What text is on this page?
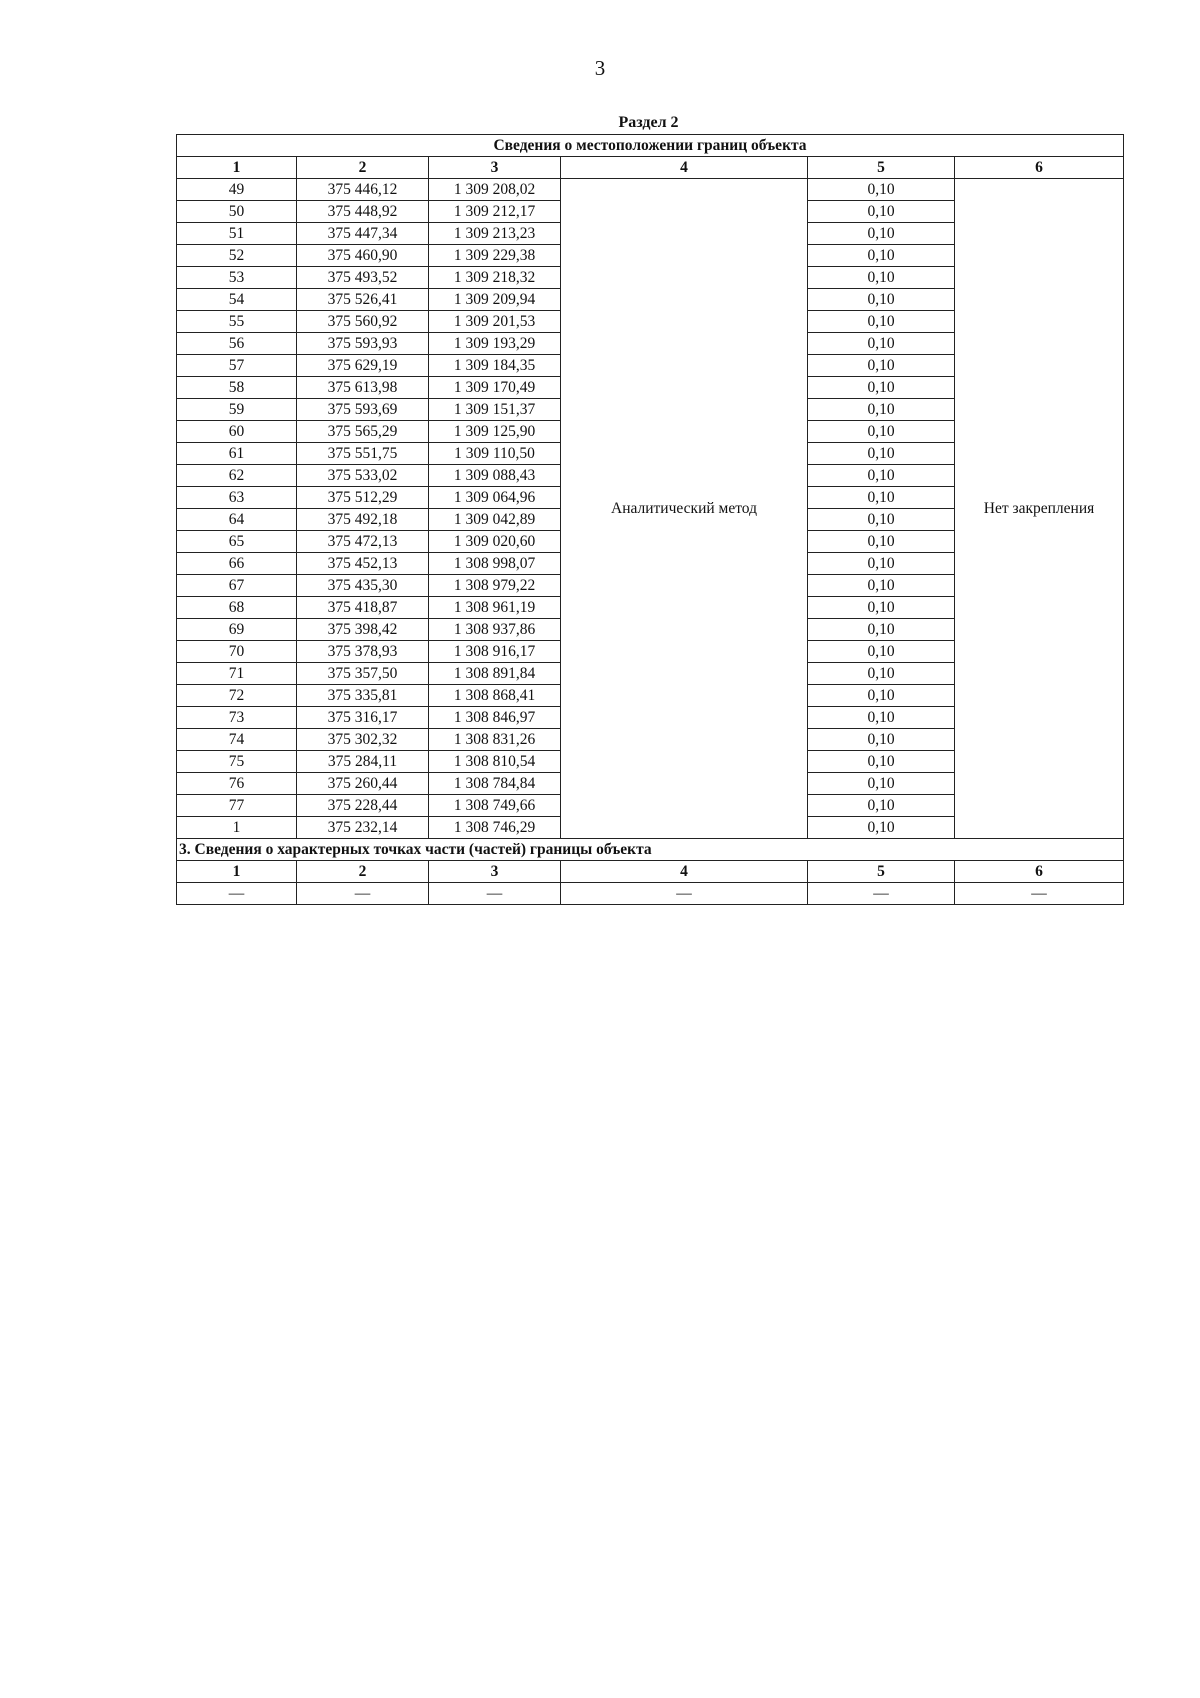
3
Раздел 2
Сведения о местоположении границ объекта					
1	2	3	4	5	6
49	375 446,12	1 309 208,02	Аналитический метод	0,10	Нет закрепления
50	375 448,92	1 309 212,17		0,10	
51	375 447,34	1 309 213,23		0,10	
52	375 460,90	1 309 229,38		0,10	
53	375 493,52	1 309 218,32		0,10	
54	375 526,41	1 309 209,94		0,10	
55	375 560,92	1 309 201,53		0,10	
56	375 593,93	1 309 193,29		0,10	
57	375 629,19	1 309 184,35		0,10	
58	375 613,98	1 309 170,49		0,10	
59	375 593,69	1 309 151,37		0,10	
60	375 565,29	1 309 125,90		0,10	
61	375 551,75	1 309 110,50		0,10	
62	375 533,02	1 309 088,43		0,10	
63	375 512,29	1 309 064,96		0,10	
64	375 492,18	1 309 042,89		0,10	
65	375 472,13	1 309 020,60		0,10	
66	375 452,13	1 308 998,07		0,10	
67	375 435,30	1 308 979,22		0,10	
68	375 418,87	1 308 961,19		0,10	
69	375 398,42	1 308 937,86		0,10	
70	375 378,93	1 308 916,17		0,10	
71	375 357,50	1 308 891,84		0,10	
72	375 335,81	1 308 868,41		0,10	
73	375 316,17	1 308 846,97		0,10	
74	375 302,32	1 308 831,26		0,10	
75	375 284,11	1 308 810,54		0,10	
76	375 260,44	1 308 784,84		0,10	
77	375 228,44	1 308 749,66		0,10	
1	375 232,14	1 308 746,29		0,10	
3. Сведения о характерных точках части (частей) границы объекта					
1	2	3	4	5	6
—	—	—	—	—	—
